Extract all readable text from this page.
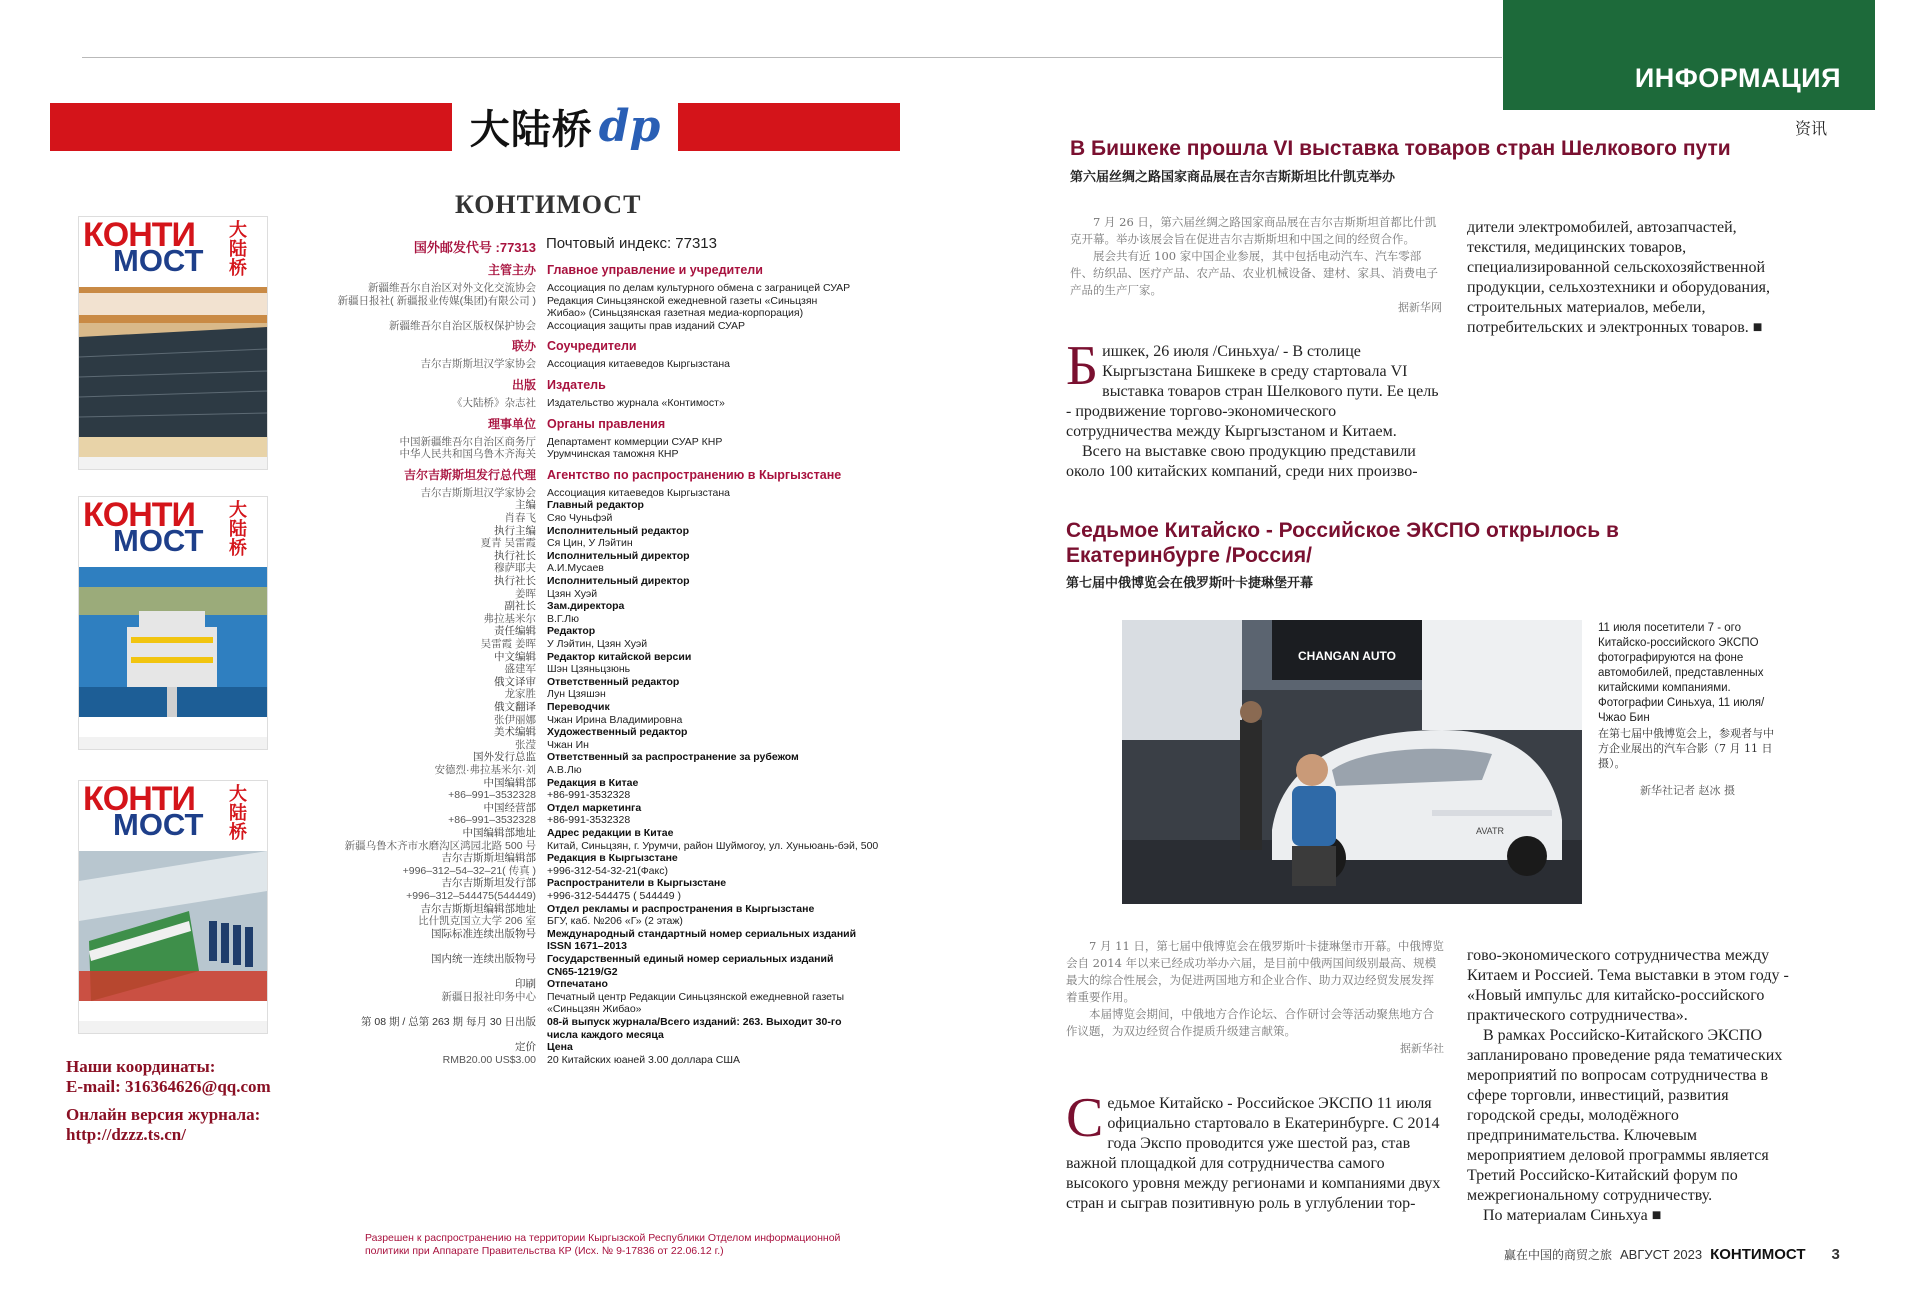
ИНФОРМАЦИЯ
资讯
大陆桥 dp
КОНТИМОСТ
国外邮发代号 :77313 Почтовый индекс: 77313
主管主办 Главное управление и учредители
新疆维吾尔自治区对外文化交流协会 Ассоциация по делам культурного обмена с заграницей СУАР
新疆日报社( 新疆报业传媒(集团)有限公司 ) Редакция Синьцзянской ежедневной газеты «Синьцзян
Жибао» (Синьцзянская газетная медиа-корпорация)
新疆维吾尔自治区版权保护协会 Ассоциация защиты прав изданий СУАР
联办 Соучредители
吉尔吉斯斯坦汉学家协会 Ассоциация китаеведов Кыргызстана
出版 Издатель
《大陆桥》杂志社 Издательство журнала «Контимост»
理事单位 Органы правления
中国新疆维吾尔自治区商务厅 Департамент коммерции СУАР КНР
中华人民共和国乌鲁木齐海关 Урумчинская таможня КНР
吉尔吉斯斯坦发行总代理 Агентство по распространению в Кыргызстане
吉尔吉斯斯坦汉学家协会 Ассоциация китаеведов Кыргызстана
主编 Главный редактор
肖春飞 Сяо Чуньфэй
执行主编 Исполнительный редактор
夏青 吴雷霞 Ся Цин, У Лэйтин
执行社长 Исполнительный директор
穆萨耶夫 А.И.Мусаев
执行社长 Исполнительный директор
姜晖 Цзян Хуэй
副社长 Зам.директора
弗拉基米尔 В.Г.Лю
责任编辑 Редактор
吴雷霞 姜晖 У Лэйтин, Цзян Хуэй
中文编辑 Редактор китайской версии
盛建军 Шэн Цзяньцзюнь
俄文译审 Ответственный редактор
龙家胜 Лун Цзяшэн
俄文翻译 Переводчик
张伊丽娜 Чжан Ирина Владимировна
美术编辑 Художественный редактор
张滢 Чжан Ин
国外发行总监 Ответственный за распространение за рубежом
安德烈·弗拉基米尔·刘 А.В.Лю
中国编辑部 Редакция в Китае
+86–991–3532328 +86-991-3532328
中国经营部 Отдел маркетинга
+86–991–3532328 +86-991-3532328
中国编辑部地址 Адрес редакции в Китае
新疆乌鲁木齐市水磨沟区鸿园北路 500 号 Китай, Синьцзян, г. Урумчи, район Шуймогоу, ул. Хуньюань-бэй, 500
吉尔吉斯斯坦编辑部 Редакция в Кыргызстане
+996–312–54–32–21( 传真 ) +996-312-54-32-21(Факс)
吉尔吉斯斯坦发行部 Распространители в Кыргызстане
+996–312–544475(544449) +996-312-544475 ( 544449 )
吉尔吉斯斯坦编辑部地址 Отдел рекламы и распространения в Кыргызстане
比什凯克国立大学 206 室 БГУ, каб. №206 «Г» (2 этаж)
国际标准连续出版物号 Международный стандартный номер сериальных изданий
ISSN 1671–2013
国内统一连续出版物号 Государственный единый номер сериальных изданий
CN65-1219/G2
印刷 Отпечатано
新疆日报社印务中心 Печатный центр Редакции Синьцзянской ежедневной газеты
«Синьцзян Жибао»
第 08 期 / 总第 263 期 每月 30 日出版 08-й выпуск журнала/Всего изданий: 263. Выходит 30-го
числа каждого месяца
定价 Цена
RMB20.00 US$3.00 20 Китайских юаней 3.00 доллара США
Разрешен к распространению на территории Кыргызской Республики Отделом информационной политики при Аппарате Правительства КР (Исх. № 9-17836 от 22.06.12 г.)
КОНТИ
МОСТ
大陆桥
КОНТИ
МОСТ
大陆桥
КОНТИ
МОСТ
大陆桥
Наши координаты:
E-mail: 316364626@qq.com
Онлайн версия журнала:
http://dzzz.ts.cn/
В Бишкеке прошла VI выставка товаров стран Шелкового пути
第六届丝绸之路国家商品展在吉尔吉斯斯坦比什凯克举办
7 月 26 日，第六届丝绸之路国家商品展在吉尔吉斯斯坦首都比什凯克开幕。举办该展会旨在促进吉尔吉斯斯坦和中国之间的经贸合作。
展会共有近 100 家中国企业参展，其中包括电动汽车、汽车零部件、纺织品、医疗产品、农产品、农业机械设备、建材、家具、消费电子产品的生产厂家。
据新华网
Бишкек, 26 июля /Синьхуа/ - В столице Кыргызстана Бишкеке в среду стартовала VI выставка товаров стран Шелкового пути. Ее цель - продвижение торгово-экономического сотрудничества между Кыргызстаном и Китаем.
Всего на выставке свою продукцию представили около 100 китайских компаний, среди них произво-
дители электромобилей, автозапчастей, текстиля, медицинских товаров, специализированной сельскохозяйственной продукции, сельхозтехники и оборудования, строительных материалов, мебели, потребительских и электронных товаров. ■
Седьмое Китайско - Российское ЭКСПО открылось в Екатеринбурге /Россия/
第七届中俄博览会在俄罗斯叶卡捷琳堡开幕
CHANGAN AUTO
AVATR
11 июля посетители 7 - ого Китайско-российского ЭКСПО фотографируются на фоне автомобилей, представленных китайскими компаниями. Фотографии Синьхуа, 11 июля/Чжао Бин
在第七届中俄博览会上，参观者与中方企业展出的汽车合影（7 月 11 日摄）。
新华社记者 赵冰 摄
7 月 11 日，第七届中俄博览会在俄罗斯叶卡捷琳堡市开幕。中俄博览会自 2014 年以来已经成功举办六届，是目前中俄两国间级别最高、规模最大的综合性展会，为促进两国地方和企业合作、助力双边经贸发展发挥着重要作用。
本届博览会期间，中俄地方合作论坛、合作研讨会等活动聚焦地方合作议题，为双边经贸合作提质升级建言献策。
据新华社
Седьмое Китайско - Российское ЭКСПО 11 июля официально стартовало в Екатеринбурге. С 2014 года Экспо проводится уже шестой раз, став важной площадкой для сотрудничества самого высокого уровня между регионами и компаниями двух стран и сыграв позитивную роль в углублении тор-
гово-экономического сотрудничества между Китаем и Россией. Тема выставки в этом году - «Новый импульс для китайско-российского практического сотрудничества».
В рамках Российско-Китайского ЭКСПО запланировано проведение ряда тематических мероприятий по вопросам сотрудничества в сфере торговли, инвестиций, развития городской среды, молодёжного предпринимательства. Ключевым мероприятием деловой программы является Третий Российско-Китайский форум по межрегиональному сотрудничеству.
По материалам Синьхуа ■
赢在中国的商贸之旅 АВГУСТ 2023 КОНТИМОСТ 3
